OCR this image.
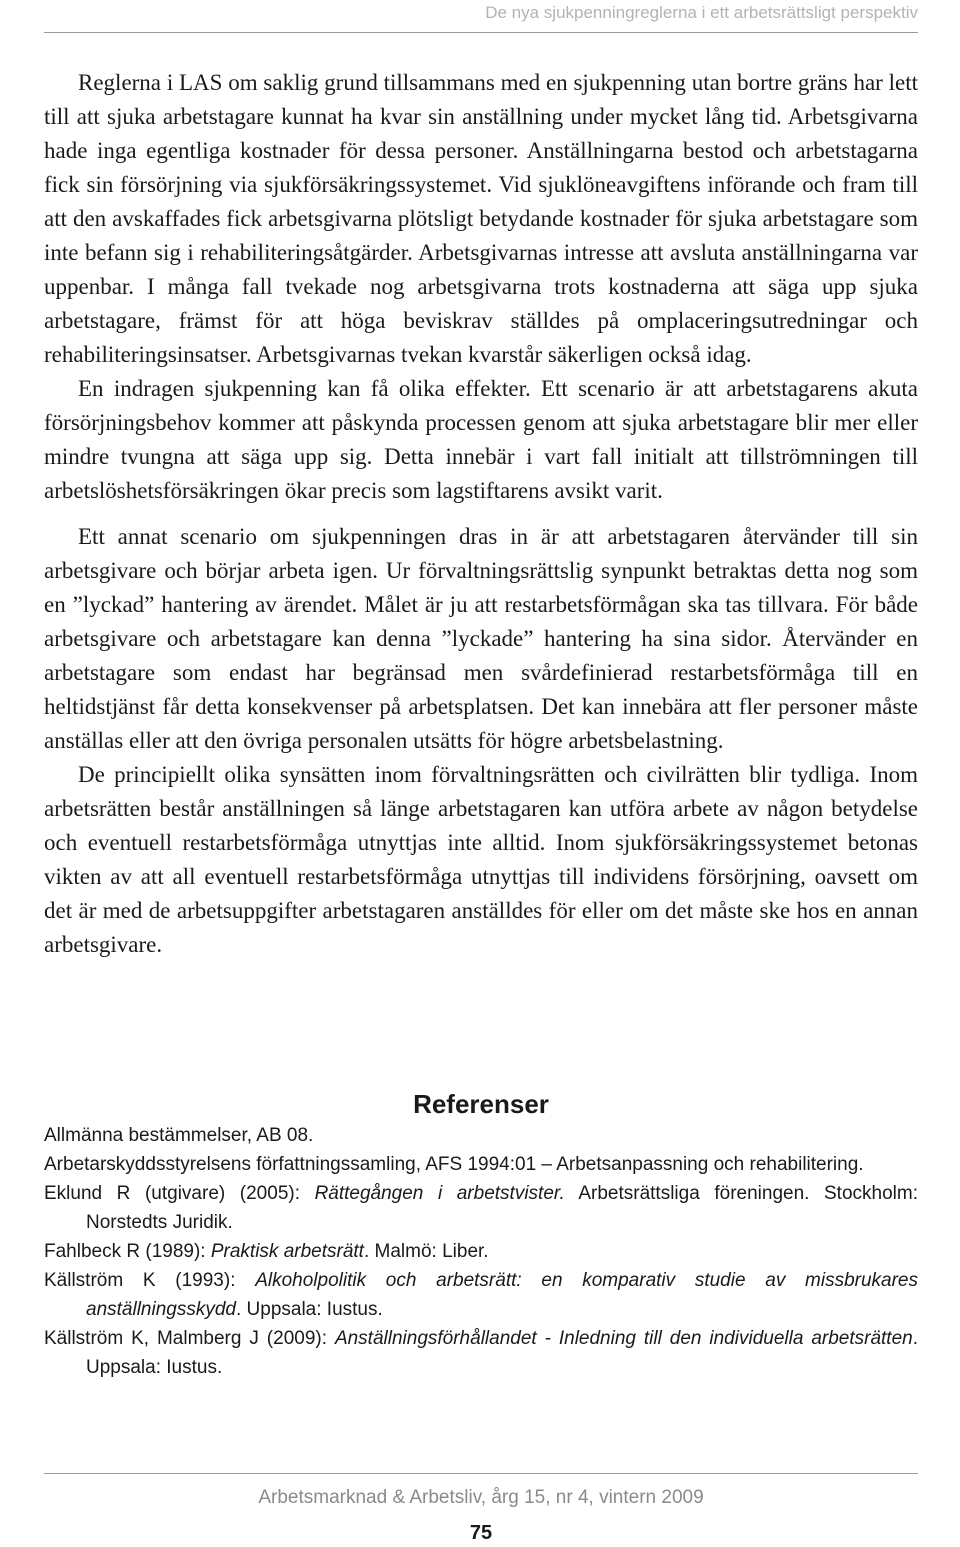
De nya sjukpenningreglerna i ett arbetsrättsligt perspektiv

Reglerna i LAS om saklig grund tillsammans med en sjukpenning utan bortre gräns har lett till att sjuka arbetstagare kunnat ha kvar sin anställning under mycket lång tid. Arbetsgivarna hade inga egentliga kostnader för dessa personer. Anställningarna bestod och arbetstagarna fick sin försörjning via sjukförsäkringssystemet. Vid sjuklöneavgiftens införande och fram till att den avskaffades fick arbetsgivarna plötsligt betydande kostnader för sjuka arbetstagare som inte befann sig i rehabiliteringsåtgärder. Arbetsgivarnas intresse att avsluta anställningarna var uppenbar. I många fall tvekade nog arbetsgivarna trots kostnaderna att säga upp sjuka arbetstagare, främst för att höga beviskrav ställdes på omplaceringsutredningar och rehabiliteringsinsatser. Arbetsgivarnas tvekan kvarstår säkerligen också idag.

En indragen sjukpenning kan få olika effekter. Ett scenario är att arbetstagarens akuta försörjningsbehov kommer att påskynda processen genom att sjuka arbetstagare blir mer eller mindre tvungna att säga upp sig. Detta innebär i vart fall initialt att tillströmningen till arbetslöshetsförsäkringen ökar precis som lagstiftarens avsikt varit.

Ett annat scenario om sjukpenningen dras in är att arbetstagaren återvänder till sin arbetsgivare och börjar arbeta igen. Ur förvaltningsrättslig synpunkt betraktas detta nog som en ”lyckad” hantering av ärendet. Målet är ju att restarbetsförmågan ska tas tillvara. För både arbetsgivare och arbetstagare kan denna ”lyckade” hantering ha sina sidor. Återvänder en arbetstagare som endast har begränsad men svårdefinierad restarbetsförmåga till en heltidstjänst får detta konsekvenser på arbetsplatsen. Det kan innebära att fler personer måste anställas eller att den övriga personalen utsätts för högre arbetsbelastning.

De principiellt olika synsätten inom förvaltningsrätten och civilrätten blir tydliga. Inom arbetsrätten består anställningen så länge arbetstagaren kan utföra arbete av någon betydelse och eventuell restarbetsförmåga utnyttjas inte alltid. Inom sjukförsäkringssystemet betonas vikten av att all eventuell restarbetsförmåga utnyttjas till individens försörjning, oavsett om det är med de arbetsuppgifter arbetstagaren anställdes för eller om det måste ske hos en annan arbetsgivare.

Referenser

Allmänna bestämmelser, AB 08.

Arbetarskyddsstyrelsens författningssamling, AFS 1994:01 – Arbetsanpassning och rehabilitering.

Eklund R (utgivare) (2005): Rättegången i arbetstvister. Arbetsrättsliga föreningen. Stockholm: Norstedts Juridik.

Fahlbeck R (1989): Praktisk arbetsrätt. Malmö: Liber.

Källström K (1993): Alkoholpolitik och arbetsrätt: en komparativ studie av missbrukares anställningsskydd. Uppsala: Iustus.

Källström K, Malmberg J (2009): Anställningsförhållandet - Inledning till den individuella arbetsrätten. Uppsala: Iustus.

Arbetsmarknad & Arbetsliv, årg 15, nr 4, vintern 2009
75
